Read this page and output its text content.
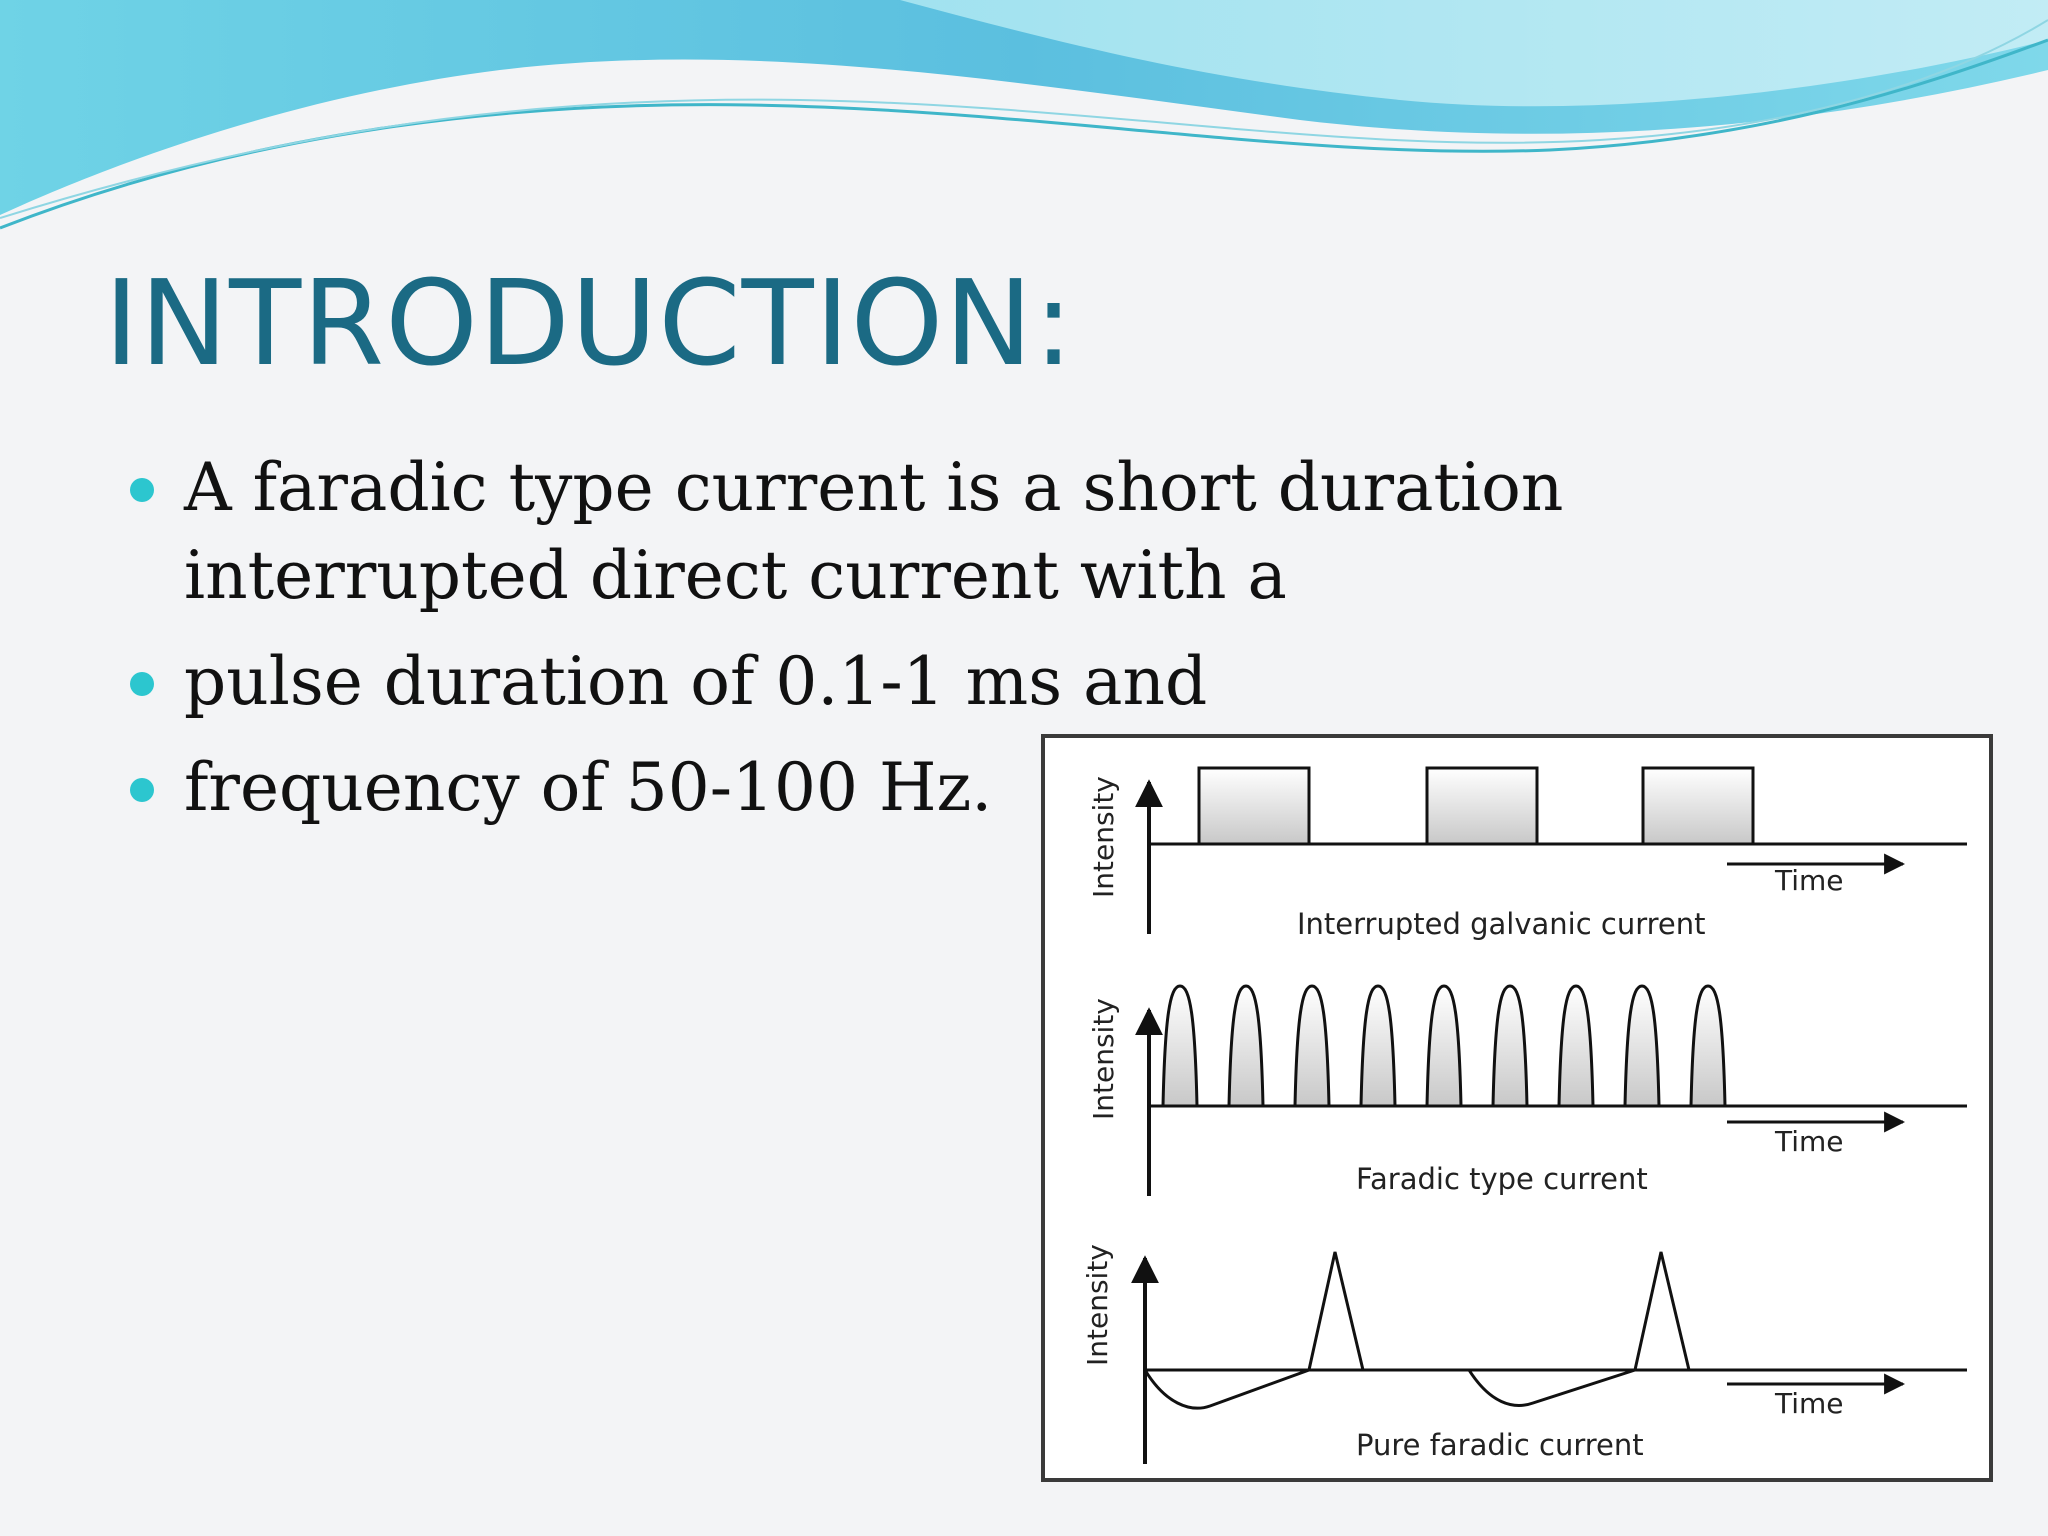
INTRODUCTION:
A faradic type current is a short duration interrupted direct current with a
pulse duration of 0.1-1 ms and
frequency of 50-100 Hz.	Intensity	Time
Interrupted galvanic current
Intensity
Time
Faradic type current
Intensity
Time
Pure faradic current
